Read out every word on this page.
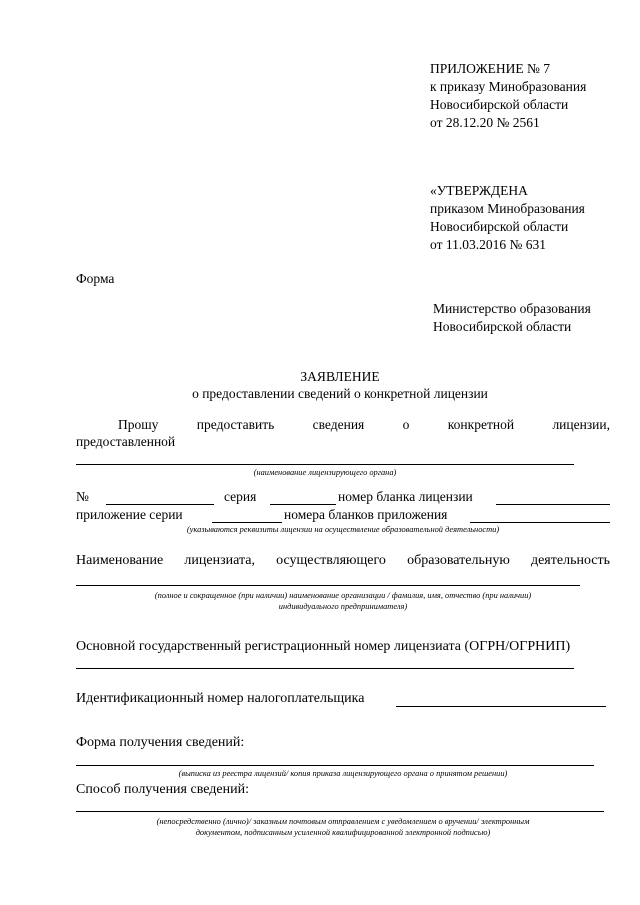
ПРИЛОЖЕНИЕ № 7

к приказу Минобразования

Новосибирской области

от 28.12.20 № 2561

«УТВЕРЖДЕНА

приказом Минобразования

Новосибирской области

от 11.03.2016 № 631

Форма

Министерство образования

Новосибирской области

ЗАЯВЛЕНИЕ
о предоставлении сведений о конкретной лицензии
Прошу	предоставить	сведения	о	конкретной	лицензии,
предоставленной
(наименование лицензирующего органа)
№	серия	номер бланка лицензии
приложение серии	номера бланков приложения
(указываются реквизиты лицензии на осуществление образовательной деятельности)
Наименование лицензиата, осуществляющего образовательную деятельность
(полное и сокращенное (при наличии) наименование организации / фамилия, имя, отчество (при наличии)
индивидуального предпринимателя)
Основной государственный регистрационный номер лицензиата (ОГРН/ОГРНИП)
Идентификационный номер налогоплательщика
Форма получения сведений:
(выписка из реестра лицензий/ копия приказа лицензирующего органа о принятом решении)
Способ получения сведений:
(непосредственно (лично)/ заказным почтовым отправлением с уведомлением о вручении/ электронным
документом, подписанным усиленной квалифицированной электронной подписью)
